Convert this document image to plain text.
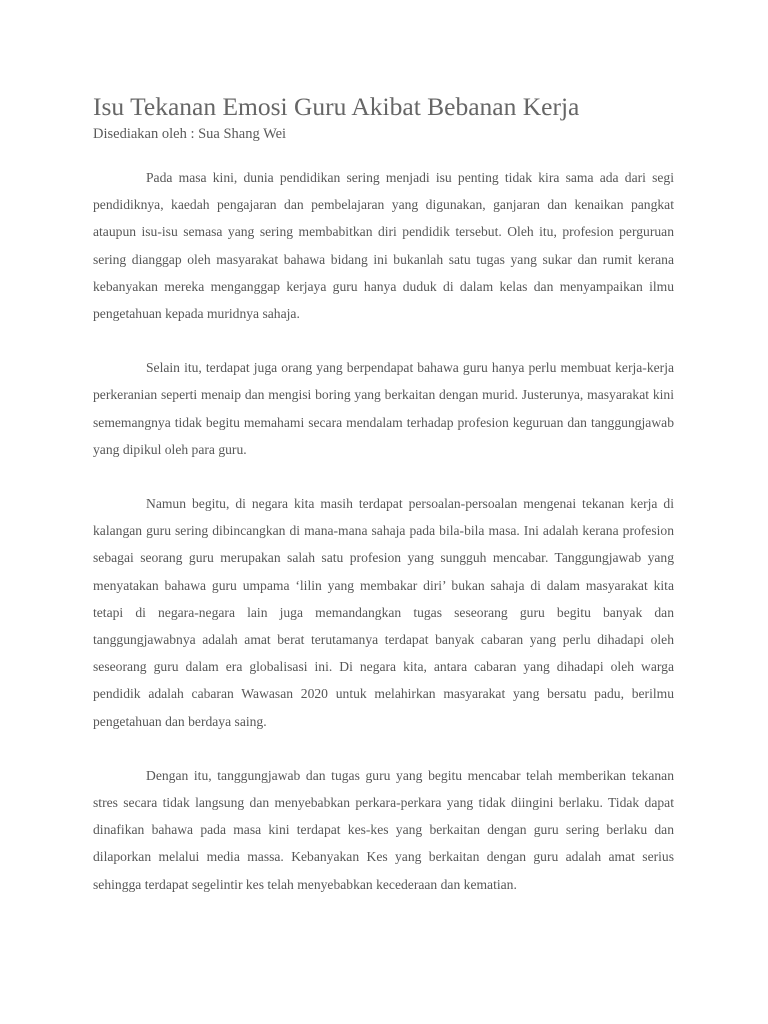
Isu Tekanan Emosi Guru Akibat Bebanan Kerja
Disediakan oleh : Sua Shang Wei

Pada masa kini, dunia pendidikan sering menjadi isu penting tidak kira sama ada dari segi pendidiknya, kaedah pengajaran dan pembelajaran yang digunakan, ganjaran dan kenaikan pangkat ataupun isu-isu semasa yang sering membabitkan diri pendidik tersebut. Oleh itu, profesion perguruan sering dianggap oleh masyarakat bahawa bidang ini bukanlah satu tugas yang sukar dan rumit kerana kebanyakan mereka menganggap kerjaya guru hanya duduk di dalam kelas dan menyampaikan ilmu pengetahuan kepada muridnya sahaja.

Selain itu, terdapat juga orang yang berpendapat bahawa guru hanya perlu membuat kerja-kerja perkeranian seperti menaip dan mengisi boring yang berkaitan dengan murid. Justerunya, masyarakat kini sememangnya tidak begitu memahami secara mendalam terhadap profesion keguruan dan tanggungjawab yang dipikul oleh para guru.

Namun begitu, di negara kita masih terdapat persoalan-persoalan mengenai tekanan kerja di kalangan guru sering dibincangkan di mana-mana sahaja pada bila-bila masa. Ini adalah kerana profesion sebagai seorang guru merupakan salah satu profesion yang sungguh mencabar. Tanggungjawab yang menyatakan bahawa guru umpama ‘lilin yang membakar diri’ bukan sahaja di dalam masyarakat kita tetapi di negara-negara lain juga memandangkan tugas seseorang guru begitu banyak dan tanggungjawabnya adalah amat berat terutamanya terdapat banyak cabaran yang perlu dihadapi oleh seseorang guru dalam era globalisasi ini. Di negara kita, antara cabaran yang dihadapi oleh warga pendidik adalah cabaran Wawasan 2020 untuk melahirkan masyarakat yang bersatu padu, berilmu pengetahuan dan berdaya saing.

Dengan itu, tanggungjawab dan tugas guru yang begitu mencabar telah memberikan tekanan stres secara tidak langsung dan menyebabkan perkara-perkara yang tidak diingini berlaku. Tidak dapat dinafikan bahawa pada masa kini terdapat kes-kes yang berkaitan dengan guru sering berlaku dan dilaporkan melalui media massa. Kebanyakan Kes yang berkaitan dengan guru adalah amat serius sehingga terdapat segelintir kes telah menyebabkan kecederaan dan kematian.
